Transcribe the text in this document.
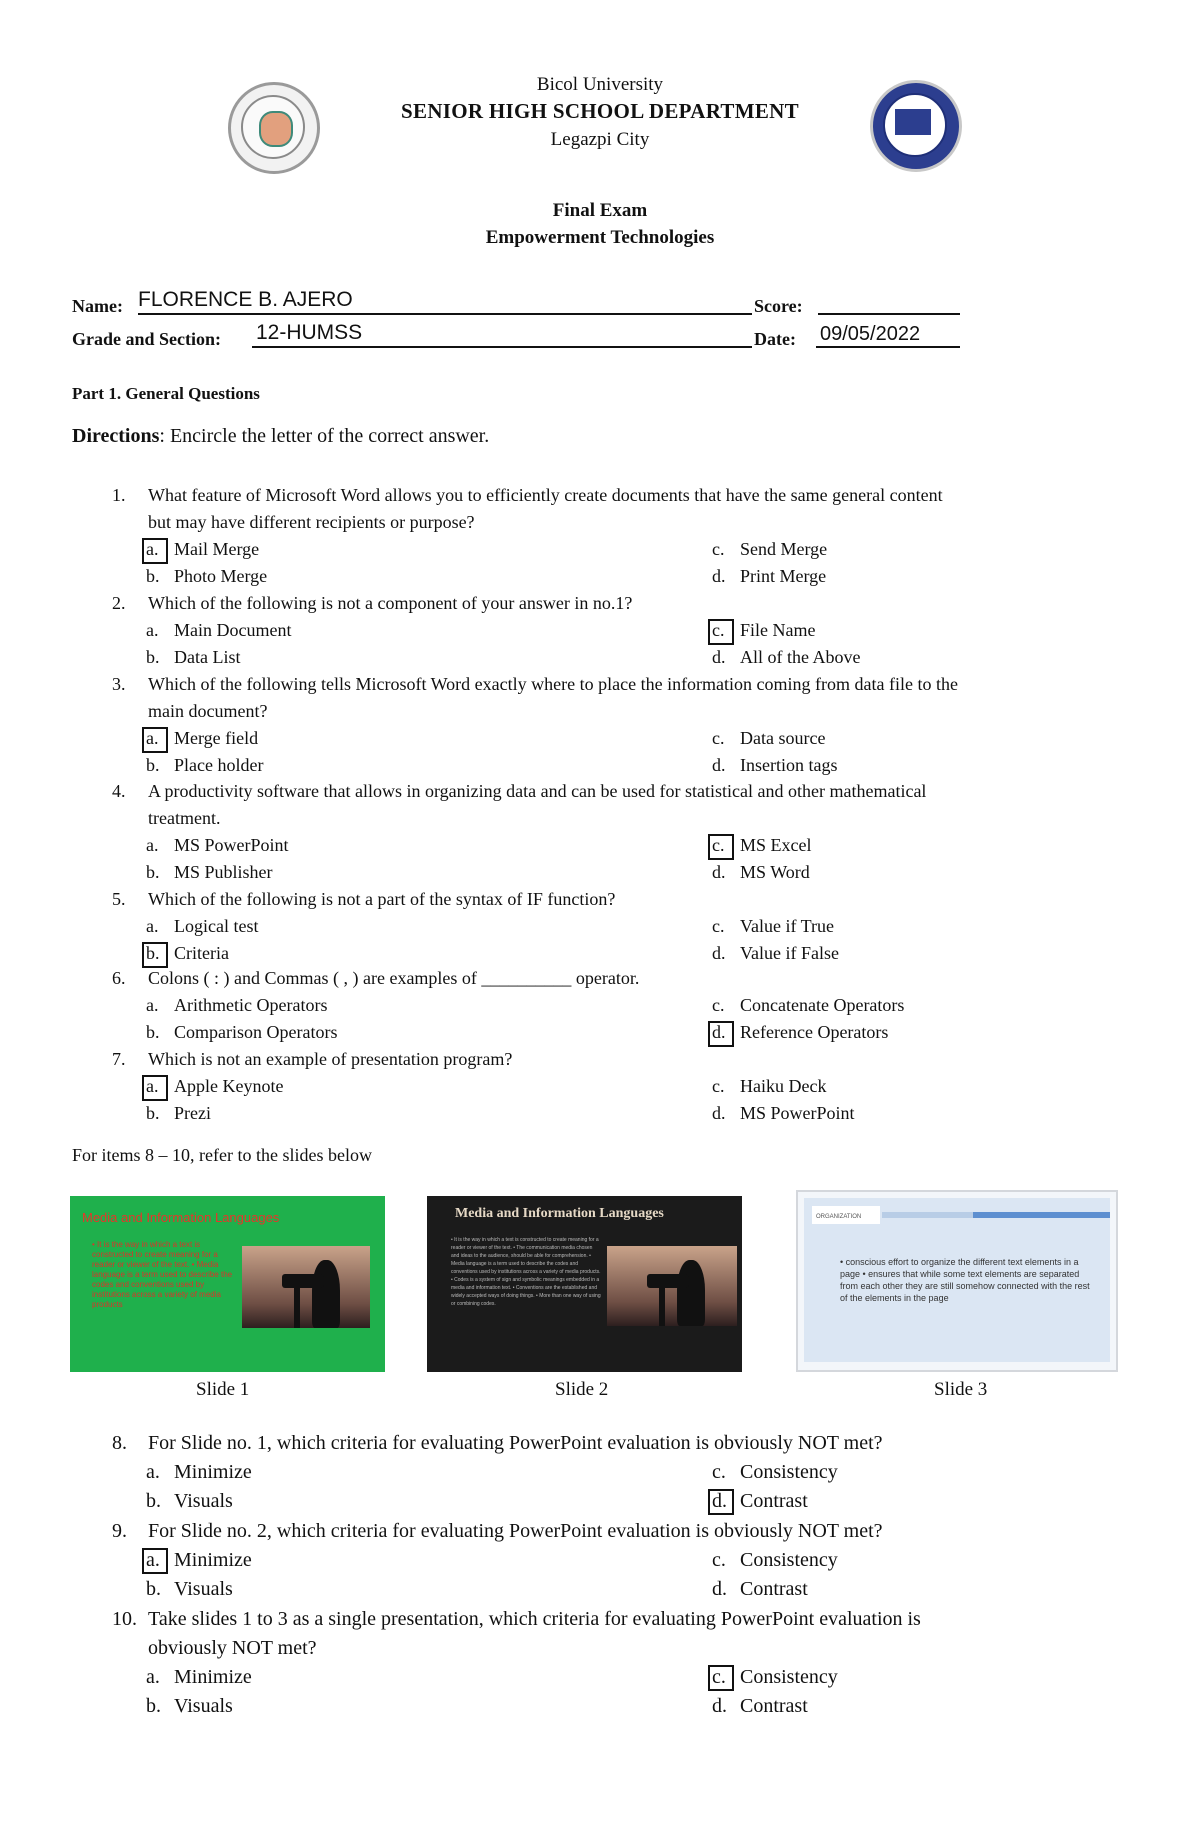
Bicol University
SENIOR HIGH SCHOOL DEPARTMENT
Legazpi City
Final Exam
Empowerment Technologies
Name: FLORENCE B. AJERO	Score:
Grade and Section: 12-HUMSS	Date: 09/05/2022
Part 1. General Questions
Directions: Encircle the letter of the correct answer.
1.	What feature of Microsoft Word allows you to efficiently create documents that have the same general content
but may have different recipients or purpose?
a. Mail Merge	c. Send Merge
b. Photo Merge	d. Print Merge
2.	Which of the following is not a component of your answer in no.1?
a. Main Document	c. File Name
b. Data List	d. All of the Above
3.	Which of the following tells Microsoft Word exactly where to place the information coming from data file to the
main document?
a. Merge field	c. Data source
b. Place holder	d. Insertion tags
4.	A productivity software that allows in organizing data and can be used for statistical and other mathematical
treatment.
a. MS PowerPoint	c. MS Excel
b. MS Publisher	d. MS Word
5.	Which of the following is not a part of the syntax of IF function?
a. Logical test	c. Value if True
b. Criteria	d. Value if False
6.	Colons ( : ) and Commas ( , ) are examples of __________ operator.
a. Arithmetic Operators	c. Concatenate Operators
b. Comparison Operators	d. Reference Operators
7.	Which is not an example of presentation program?
a. Apple Keynote	c. Haiku Deck
b. Prezi	d. MS PowerPoint
8.	For Slide no. 1, which criteria for evaluating PowerPoint evaluation is obviously NOT met?
a. Minimize	c. Consistency
b. Visuals	d. Contrast
9.	For Slide no. 2, which criteria for evaluating PowerPoint evaluation is obviously NOT met?
a. Minimize	c. Consistency
b. Visuals	d. Contrast
10. Take slides 1 to 3 as a single presentation, which criteria for evaluating PowerPoint evaluation is
obviously NOT met?
a. Minimize	c. Consistency
b. Visuals	d. Contrast
For items 8 – 10, refer to the slides below
Media and Information Languages
• It is the way in which a text is constructed to create meaning for a reader or viewer of the text. • Media language is a term used to describe the codes and conventions used by institutions across a variety of media products
Media and Information Languages
• It is the way in which a text is constructed to create meaning for a reader or viewer of the text. • The communication media chosen and ideas to the audience, should be able for comprehension. • Media language is a term used to describe the codes and conventions used by institutions across a variety of media products. • Codes is a system of sign and symbolic meanings embedded in a media and information text. • Conventions are the established and widely accepted ways of doing things. • More than one way of using or combining codes.
ORGANIZATION
• conscious effort to organize the different text elements in a page • ensures that while some text elements are separated from each other they are still somehow connected with the rest of the elements in the page
Slide 1	Slide 2	Slide 3
